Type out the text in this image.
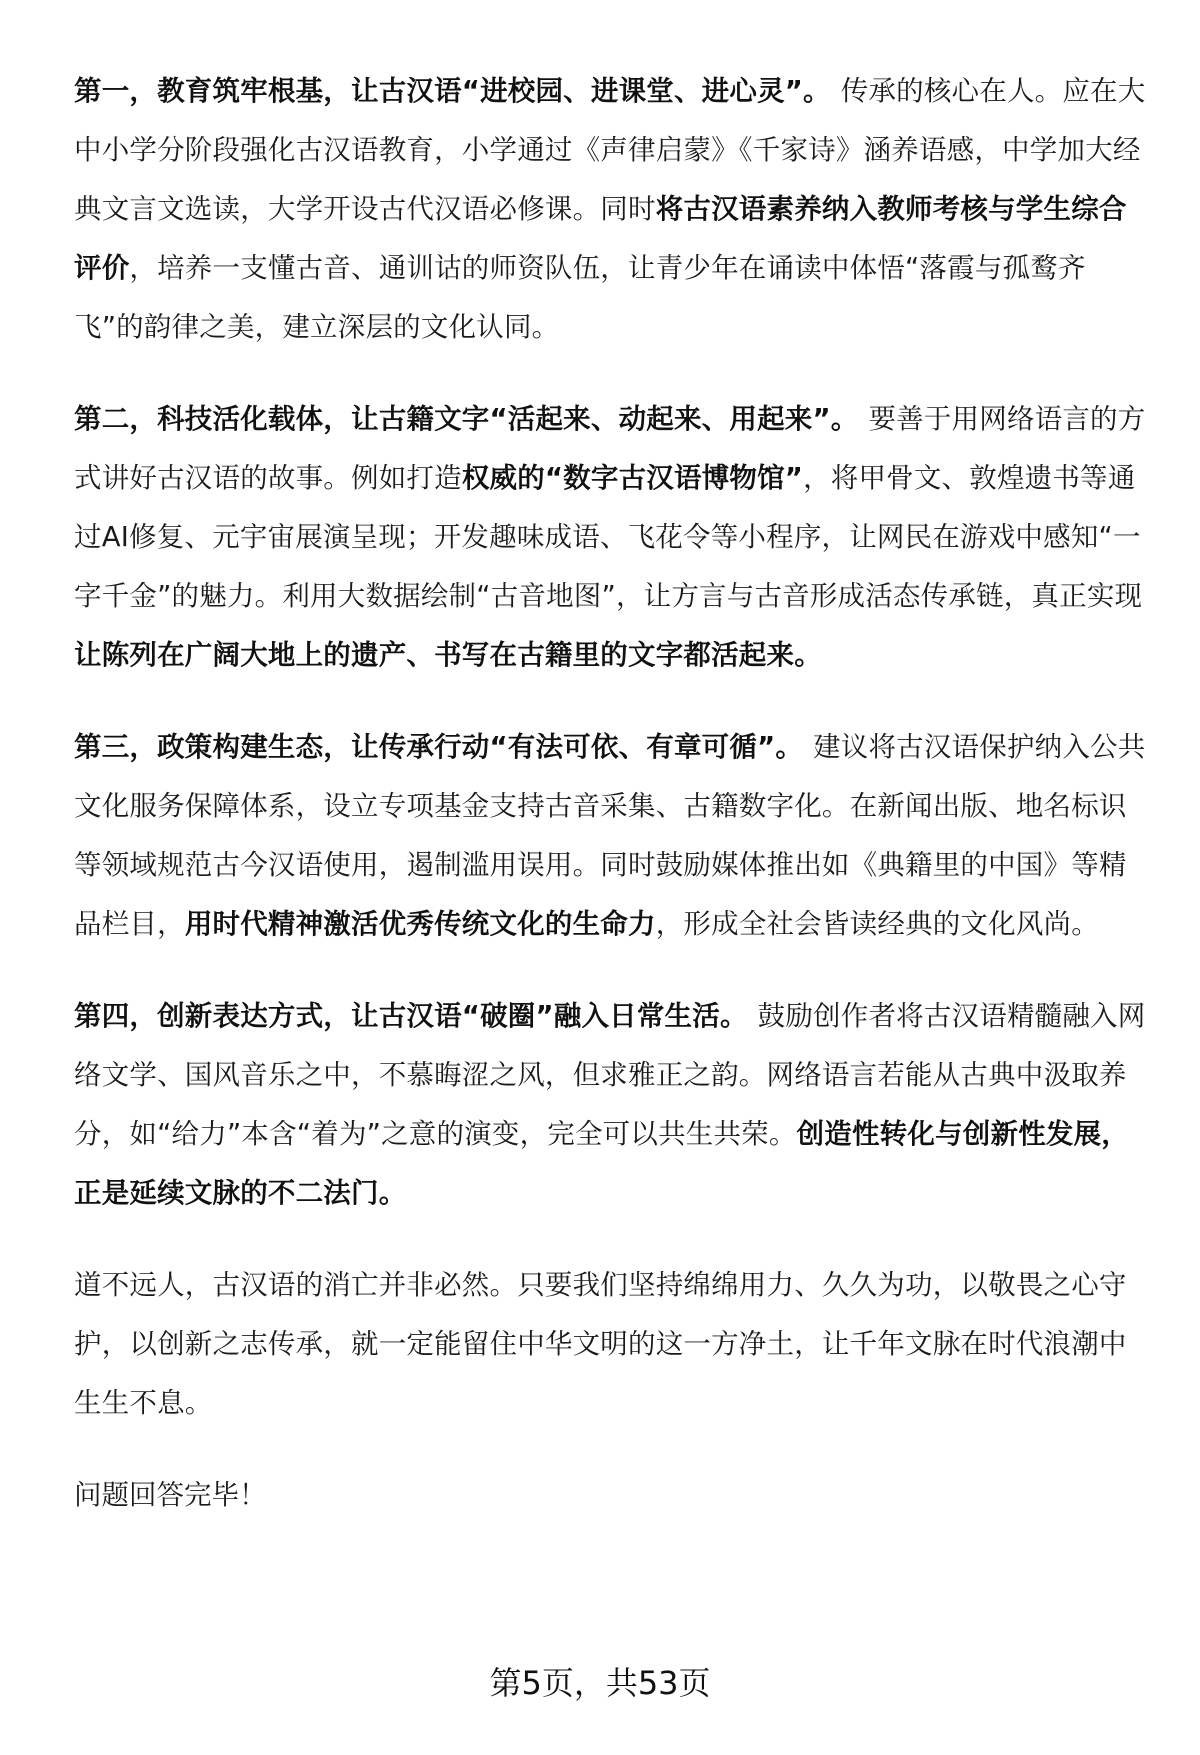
第一，教育筑牢根基，让古汉语“进校园、进课堂、进心灵”。 传承的核心在人。应在大中小学分阶段强化古汉语教育，小学通过《声律启蒙》《千家诗》涵养语感，中学加大经典文言文选读，大学开设古代汉语必修课。同时将古汉语素养纳入教师考核与学生综合评价，培养一支懂古音、通训诂的师资队伍，让青少年在诵读中体悟“落霞与孤鹜齐飞”的韵律之美，建立深层的文化认同。

第二，科技活化载体，让古籍文字“活起来、动起来、用起来”。 要善于用网络语言的方式讲好古汉语的故事。例如打造权威的“数字古汉语博物馆”，将甲骨文、敦煌遗书等通过AI修复、元宇宙展演呈现；开发趣味成语、飞花令等小程序，让网民在游戏中感知“一字千金”的魅力。利用大数据绘制“古音地图”，让方言与古音形成活态传承链，真正实现让陈列在广阔大地上的遗产、书写在古籍里的文字都活起来。

第三，政策构建生态，让传承行动“有法可依、有章可循”。 建议将古汉语保护纳入公共文化服务保障体系，设立专项基金支持古音采集、古籍数字化。在新闻出版、地名标识等领域规范古今汉语使用，遏制滥用误用。同时鼓励媒体推出如《典籍里的中国》等精品栏目，用时代精神激活优秀传统文化的生命力，形成全社会皆读经典的文化风尚。

第四，创新表达方式，让古汉语“破圈”融入日常生活。 鼓励创作者将古汉语精髓融入网络文学、国风音乐之中，不慕晦涩之风，但求雅正之韵。网络语言若能从古典中汲取养分，如“给力”本含“着为”之意的演变，完全可以共生共荣。创造性转化与创新性发展，正是延续文脉的不二法门。

道不远人，古汉语的消亡并非必然。只要我们坚持绵绵用力、久久为功，以敬畏之心守护，以创新之志传承，就一定能留住中华文明的这一方净土，让千年文脉在时代浪潮中生生不息。

问题回答完毕！

第5页，共53页
